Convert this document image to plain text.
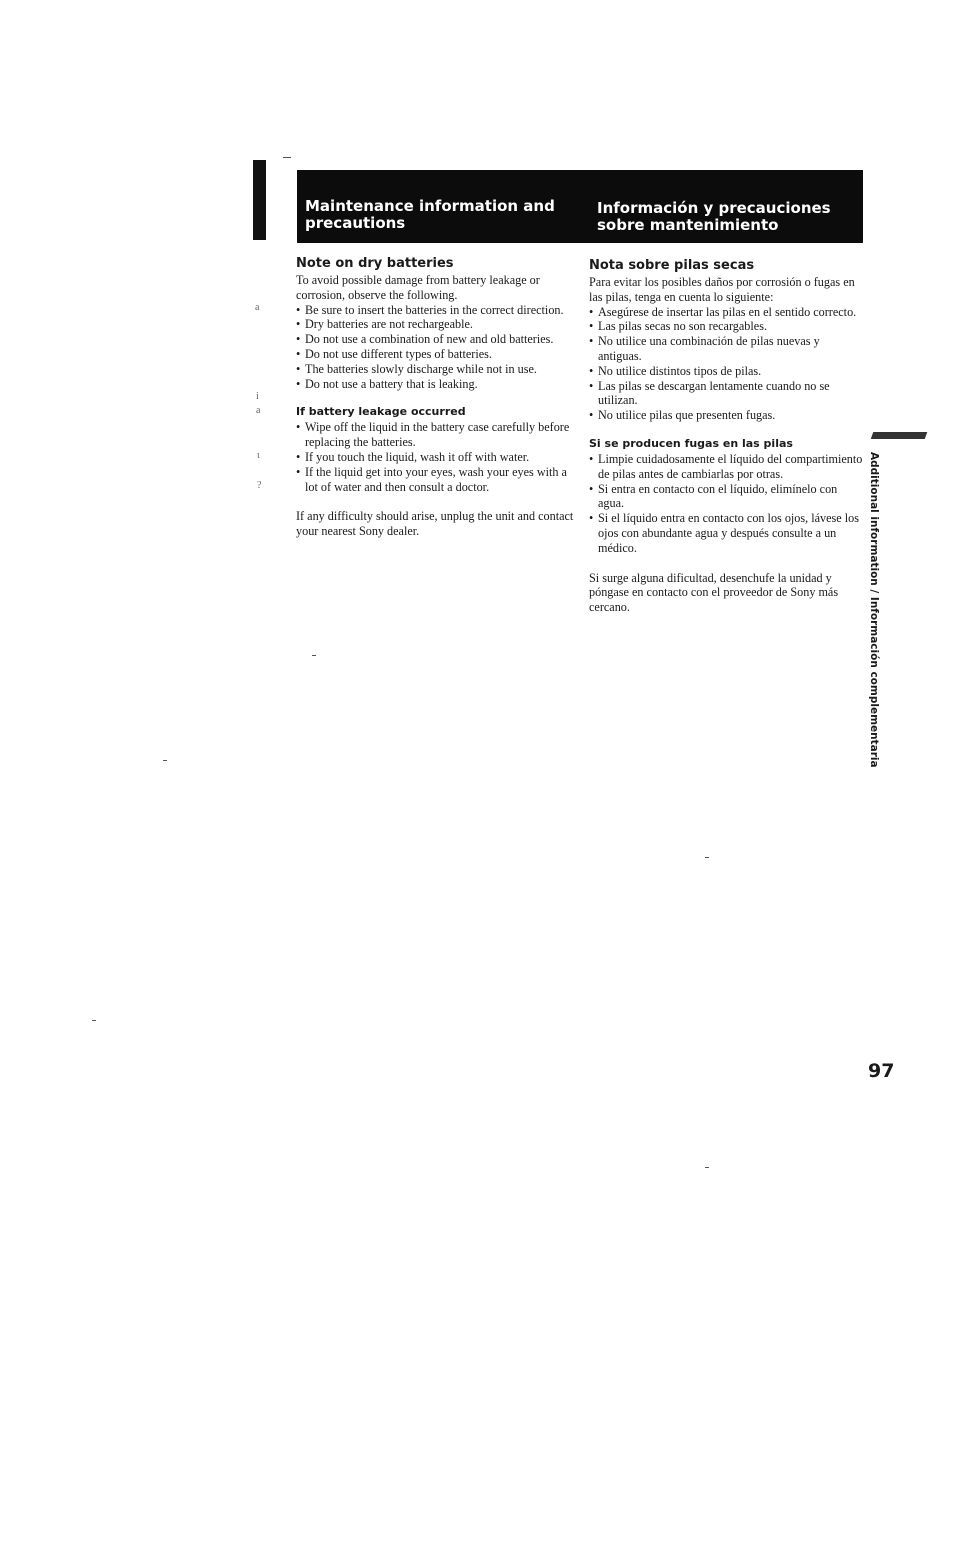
Maintenance information and precautions
Información y precauciones sobre mantenimiento
a
i
a
ι
?
Note on dry batteries

To avoid possible damage from battery leakage or corrosion, observe the following.

• Be sure to insert the batteries in the correct direction.
• Dry batteries are not rechargeable.
• Do not use a combination of new and old batteries.
• Do not use different types of batteries.
• The batteries slowly discharge while not in use.
• Do not use a battery that is leaking.
If battery leakage occurred
• Wipe off the liquid in the battery case carefully before replacing the batteries.
• If you touch the liquid, wash it off with water.
• If the liquid get into your eyes, wash your eyes with a lot of water and then consult a doctor.

If any difficulty should arise, unplug the unit and contact your nearest Sony dealer.

Nota sobre pilas secas

Para evitar los posibles daños por corrosión o fugas en las pilas, tenga en cuenta lo siguiente:

• Asegúrese de insertar las pilas en el sentido correcto.
• Las pilas secas no son recargables.
• No utilice una combinación de pilas nuevas y antiguas.
• No utilice distintos tipos de pilas.
• Las pilas se descargan lentamente cuando no se utilizan.
• No utilice pilas que presenten fugas.
Si se producen fugas en las pilas
• Limpie cuidadosamente el líquido del compartimiento de pilas antes de cambiarlas por otras.
• Si entra en contacto con el líquido, elimínelo con agua.
• Si el líquido entra en contacto con los ojos, lávese los ojos con abundante agua y después consulte a un médico.

Si surge alguna dificultad, desenchufe la unidad y póngase en contacto con el proveedor de Sony más cercano.	Additional information / Información complementaria
97
